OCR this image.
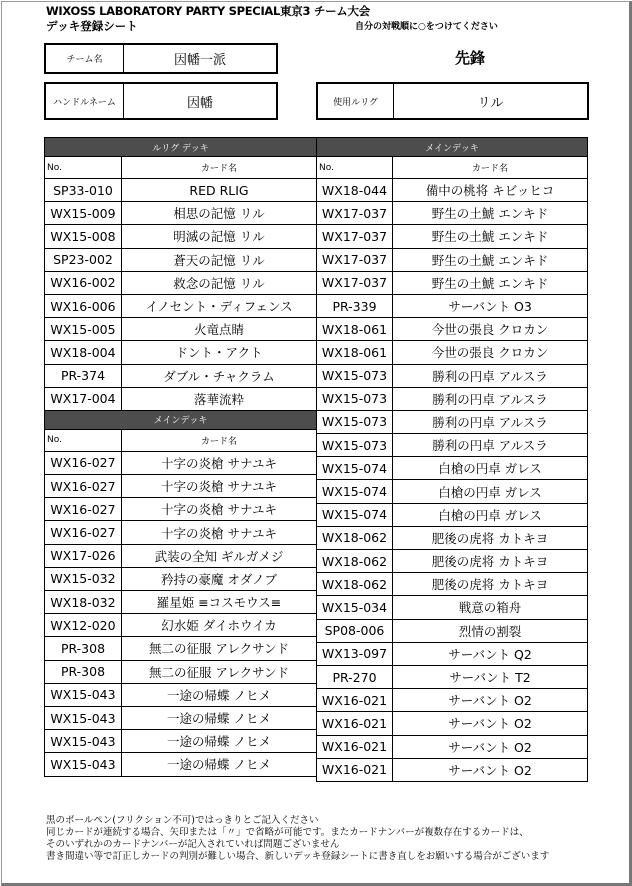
WIXOSS LABORATORY PARTY SPECIAL東京3 チーム大会
デッキ登録シート	自分の対戦順に○をつけてください
チーム名	因幡一派	先鋒
ハンドルネーム	因幡	使用ルリグ	リル
ルリグ デッキ	
No.	カード名
SP33-010	RED RLIG
WX15-009	相思の記憶 リル
WX15-008	明滅の記憶 リル
SP23-002	蒼天の記憶 リル
WX16-002	救念の記憶 リル
WX16-006	イノセント・ディフェンス
WX15-005	火竜点睛
WX18-004	ドント・アクト
PR-374	ダブル・チャクラム
WX17-004	落華流粋
メインデッキ	
No.	カード名
WX16-027	十字の炎槍 サナユキ
WX16-027	十字の炎槍 サナユキ
WX16-027	十字の炎槍 サナユキ
WX16-027	十字の炎槍 サナユキ
WX17-026	武装の全知 ギルガメジ
WX15-032	矜持の豪魔 オダノブ
WX18-032	羅星姫 ≡コスモウス≡
WX12-020	幻水姫 ダイホウイカ
PR-308	無二の征服 アレクサンド
PR-308	無二の征服 アレクサンド
WX15-043	一途の帰蝶 ノヒメ
WX15-043	一途の帰蝶 ノヒメ
WX15-043	一途の帰蝶 ノヒメ
WX15-043	一途の帰蝶 ノヒメ
メインデッキ	
No.	カード名
WX18-044	備中の桃将 キビッヒコ
WX17-037	野生の土鯱 エンキド
WX17-037	野生の土鯱 エンキド
WX17-037	野生の土鯱 エンキド
WX17-037	野生の土鯱 エンキド
PR-339	サーバント O3
WX18-061	今世の張良 クロカン
WX18-061	今世の張良 クロカン
WX15-073	勝利の円卓 アルスラ
WX15-073	勝利の円卓 アルスラ
WX15-073	勝利の円卓 アルスラ
WX15-073	勝利の円卓 アルスラ
WX15-074	白槍の円卓 ガレス
WX15-074	白槍の円卓 ガレス
WX15-074	白槍の円卓 ガレス
WX18-062	肥後の虎将 カトキヨ
WX18-062	肥後の虎将 カトキヨ
WX18-062	肥後の虎将 カトキヨ
WX15-034	戦意の箱舟
SP08-006	烈情の割裂
WX13-097	サーバント Q2
PR-270	サーバント T2
WX16-021	サーバント O2
WX16-021	サーバント O2
WX16-021	サーバント O2
WX16-021	サーバント O2
黒のボールペン(フリクション不可)ではっきりとご記入ください
同じカードが連続する場合、矢印または「〃」で省略が可能です。またカードナンバーが複数存在するカードは、
そのいずれかのカードナンバーが記入されていれば問題ございません
書き間違い等で訂正しカードの判別が難しい場合、新しいデッキ登録シートに書き直しをお願いする場合がございます
